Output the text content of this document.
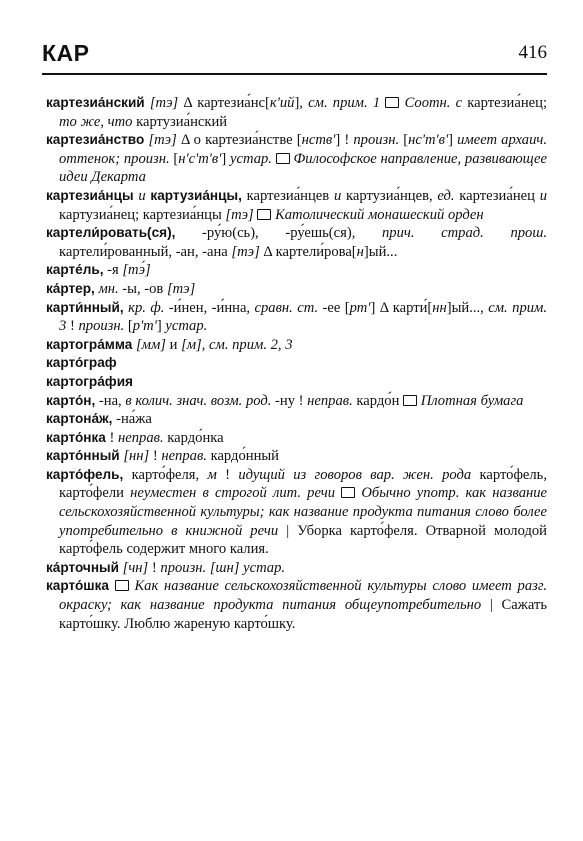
КАР	416

картезиа́нский [тэ] Δ картезиа́нс[к'ий], см. прим. 1 Соотн. с картезиа́нец; то же, что картузиа́нский

картезиа́нство [тэ] Δ о картезиа́нстве [нств'] ! произн. [нс'т'в'] имеет архаич. оттенок; произн. [н'с'т'в'] устар. Философское направление, развивающее идеи Декарта

картезиа́нцы и картузиа́нцы, картезиа́нцев и картузиа́нцев, ед. картезиа́нец и картузиа́нец; картезиа́нцы [тэ] Католический монашеский орден

картели́ровать(ся), -ру́ю(сь), -ру́ешь(ся), прич. страд. прош. картели́рованный, -ан, -ана [тэ] Δ картели́рова[н]ый...

карте́ль, -я [тэ́]

ка́ртер, мн. -ы, -ов [тэ]

карти́нный, кр. ф. -и́нен, -и́нна, сравн. ст. -ее [рт'] Δ карти́[нн]ый..., см. прим. 3 ! произн. [р'т'] устар.

картогра́мма [мм] и [м], см. прим. 2, 3

карто́граф

картогра́фия

карто́н, -на, в колич. знач. возм. род. -ну ! неправ. кардо́н  Плотная бумага

картона́ж, -на́жа

карто́нка ! неправ. кардо́нка

карто́нный [нн] ! неправ. кардо́нный

карто́фель, карто́феля, м ! идущий из говоров вар. жен. рода карто́фель, карто́фели неуместен в строгой лит. речи Обычно употр. как название сельскохозяйственной культуры; как название продукта питания слово более употребительно в книжной речи | Уборка карто́феля. Отварной молодой карто́фель содержит много калия.

ка́рточный [чн] ! произн. [шн] устар.

карто́шка Как название сельскохозяйственной культуры слово имеет разг. окраску; как название продукта питания общеупотребительно | Сажать карто́шку. Люблю жареную карто́шку.
